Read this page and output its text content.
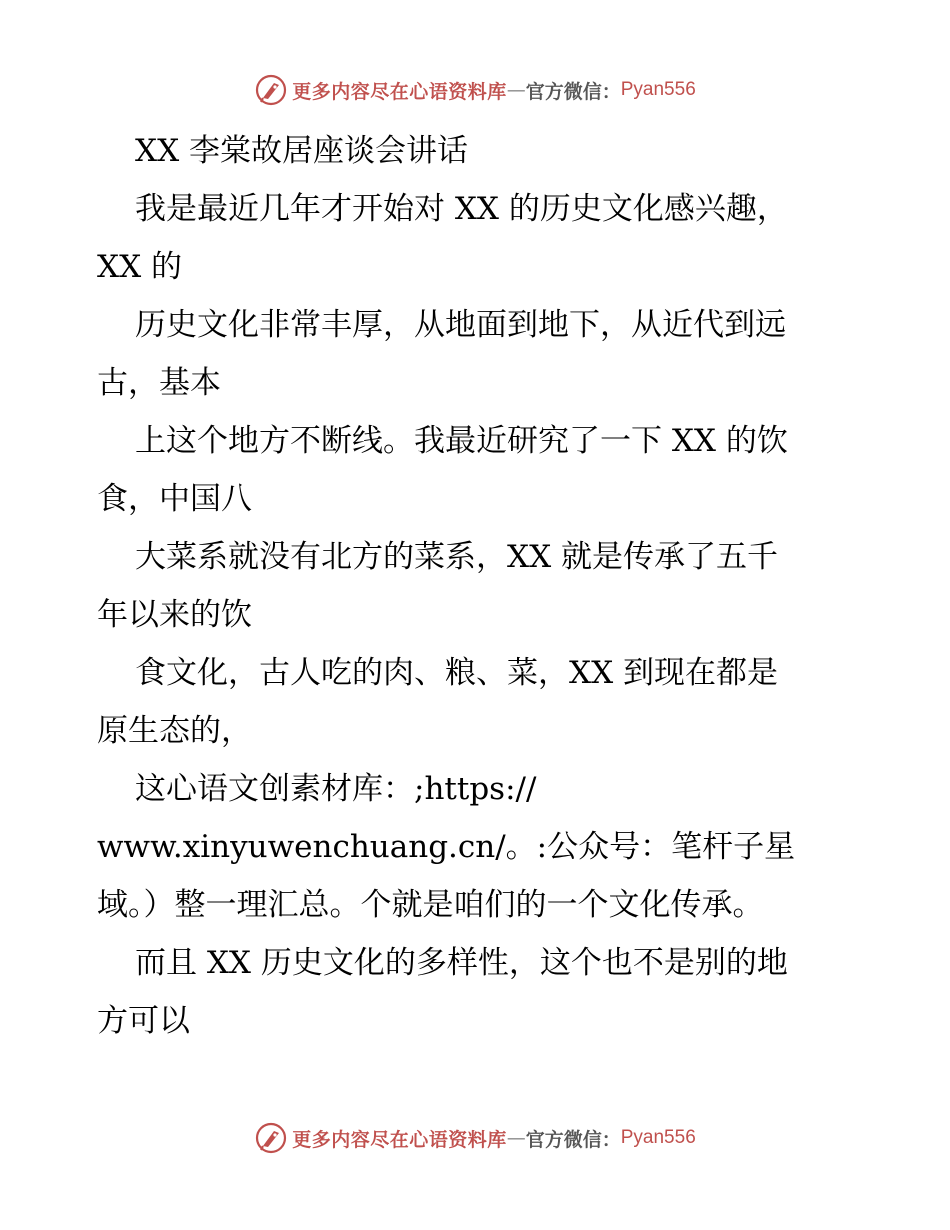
更多内容尽在心语资料库 — 官方微信： Pyan556

XX 李棠故居座谈会讲话

我是最近几年才开始对 XX 的历史文化感兴趣，

XX 的

历史文化非常丰厚，从地面到地下，从近代到远

古，基本

上这个地方不断线。我最近研究了一下 XX 的饮

食，中国八

大菜系就没有北方的菜系，XX 就是传承了五千

年以来的饮

食文化，古人吃的肉、粮、菜，XX 到现在都是

原生态的，

这心语文创素材库：;https://

www.xinyuwenchuang.cn/。:公众号：笔杆子星

域。）整一理汇总。个就是咱们的一个文化传承。

而且 XX 历史文化的多样性，这个也不是别的地

方可以

更多内容尽在心语资料库 — 官方微信： Pyan556
